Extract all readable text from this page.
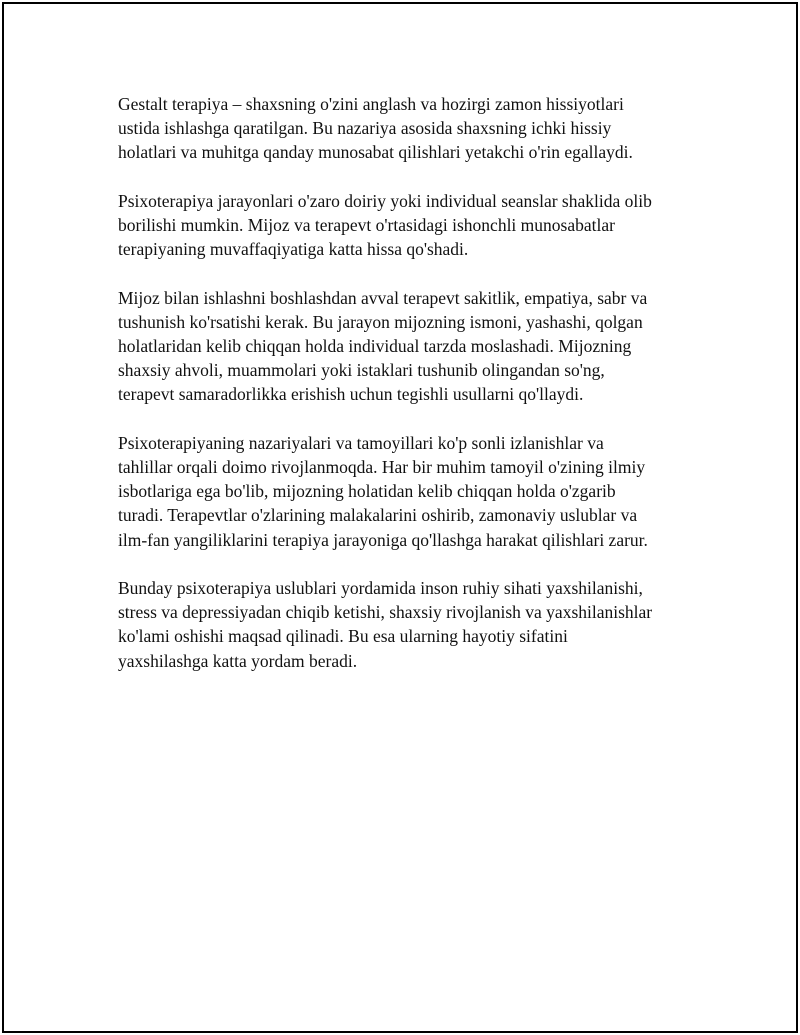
Gestalt terapiya – shaxsning o'zini anglash va hozirgi zamon hissiyotlari
ustida ishlashga qaratilgan. Bu nazariya asosida shaxsning ichki hissiy
holatlari va muhitga qanday munosabat qilishlari yetakchi o'rin egallaydi.

Psixoterapiya jarayonlari o'zaro doiriy yoki individual seanslar shaklida olib
borilishi mumkin. Mijoz va terapevt o'rtasidagi ishonchli munosabatlar
terapiyaning muvaffaqiyatiga katta hissa qo'shadi.

Mijoz bilan ishlashni boshlashdan avval terapevt sakitlik, empatiya, sabr va
tushunish ko'rsatishi kerak. Bu jarayon mijozning ismoni, yashashi, qolgan
holatlaridan kelib chiqqan holda individual tarzda moslashadi. Mijozning
shaxsiy ahvoli, muammolari yoki istaklari tushunib olingandan so'ng,
terapevt samaradorlikka erishish uchun tegishli usullarni qo'llaydi.

Psixoterapiyaning nazariyalari va tamoyillari ko'p sonli izlanishlar va
tahlillar orqali doimo rivojlanmoqda. Har bir muhim tamoyil o'zining ilmiy
isbotlariga ega bo'lib, mijozning holatidan kelib chiqqan holda o'zgarib
turadi. Terapevtlar o'zlarining malakalarini oshirib, zamonaviy uslublar va
ilm-fan yangiliklarini terapiya jarayoniga qo'llashga harakat qilishlari zarur.

Bunday psixoterapiya uslublari yordamida inson ruhiy sihati yaxshilanishi,
stress va depressiyadan chiqib ketishi, shaxsiy rivojlanish va yaxshilanishlar
ko'lami oshishi maqsad qilinadi. Bu esa ularning hayotiy sifatini
yaxshilashga katta yordam beradi.
